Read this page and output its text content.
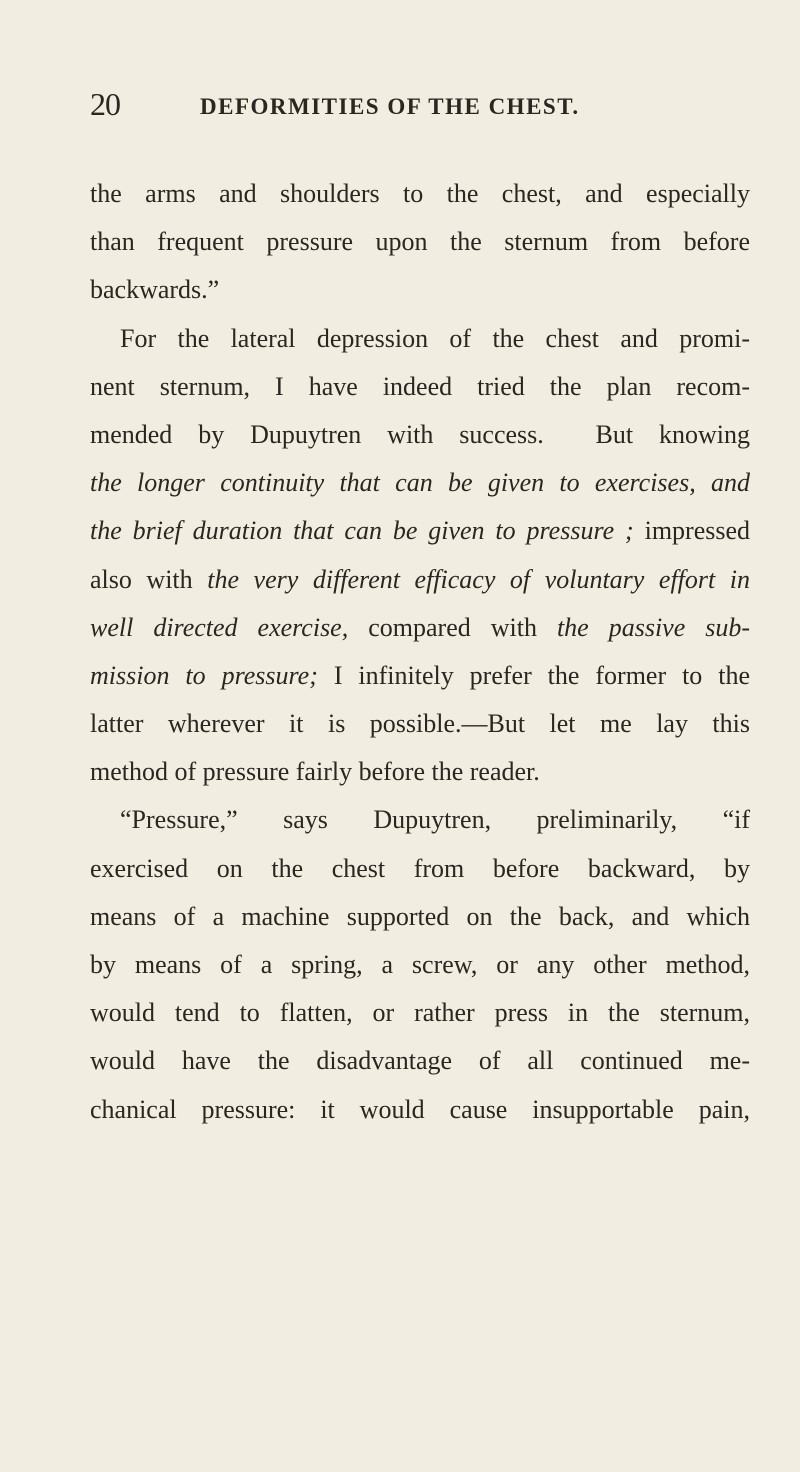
20	DEFORMITIES OF THE CHEST.
the arms and shoulders to the chest, and especially
than frequent pressure upon the sternum from before
backwards.”
For the lateral depression of the chest and promi-
nent sternum, I have indeed tried the plan recom-
mended by Dupuytren with success.  But knowing
the longer continuity that can be given to exercises, and
the brief duration that can be given to pressure ; impressed
also with the very different efficacy of voluntary effort in
well directed exercise, compared with the passive sub-
mission to pressure; I infinitely prefer the former to the
latter wherever it is possible.—But let me lay this
method of pressure fairly before the reader.
“Pressure,” says Dupuytren, preliminarily, “if
exercised on the chest from before backward, by
means of a machine supported on the back, and which
by means of a spring, a screw, or any other method,
would tend to flatten, or rather press in the sternum,
would have the disadvantage of all continued me-
chanical pressure: it would cause insupportable pain,
